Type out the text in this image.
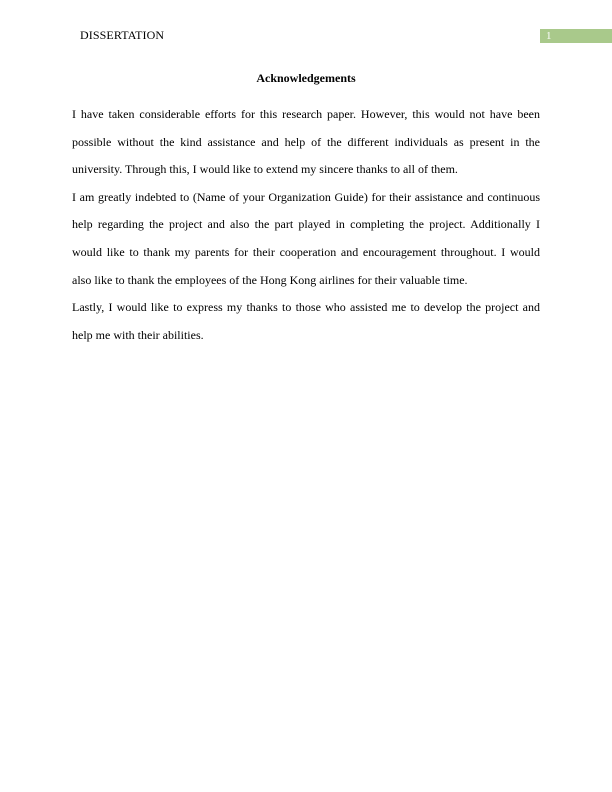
DISSERTATION	1
Acknowledgements

I have taken considerable efforts for this research paper. However, this would not have been possible without the kind assistance and help of the different individuals as present in the university. Through this, I would like to extend my sincere thanks to all of them.

I am greatly indebted to (Name of your Organization Guide) for their assistance and continuous help regarding the project and also the part played in completing the project. Additionally I would like to thank my parents for their cooperation and encouragement throughout. I would also like to thank the employees of the Hong Kong airlines for their valuable time.

Lastly, I would like to express my thanks to those who assisted me to develop the project and help me with their abilities.
